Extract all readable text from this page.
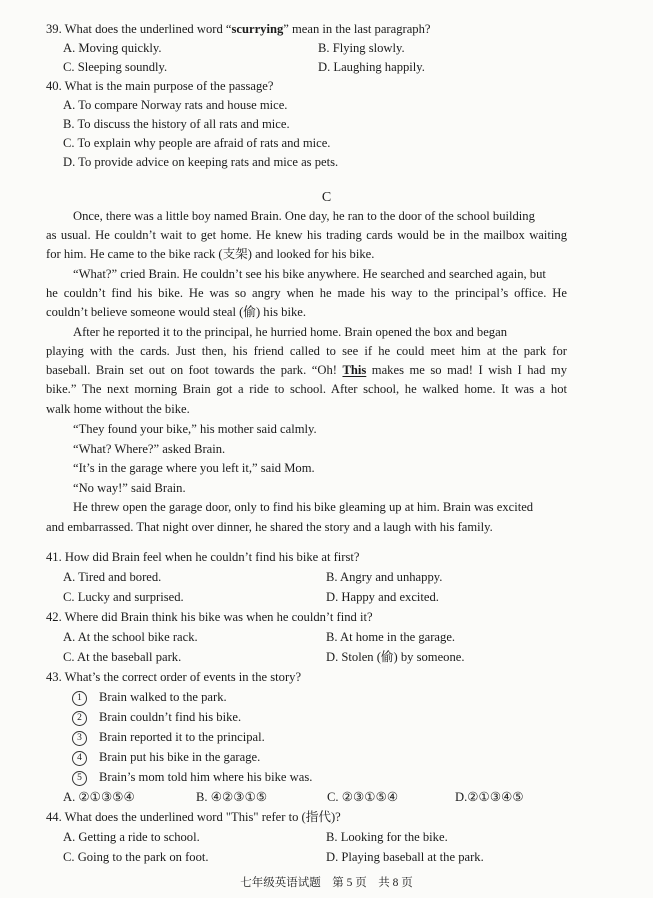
39. What does the underlined word “scurrying” mean in the last paragraph?
A. Moving quickly.	B. Flying slowly.
C. Sleeping soundly.	D. Laughing happily.
40. What is the main purpose of the passage?
A. To compare Norway rats and house mice.
B. To discuss the history of all rats and mice.
C. To explain why people are afraid of rats and mice.
D. To provide advice on keeping rats and mice as pets.
C
Once, there was a little boy named Brain. One day, he ran to the door of the school building
as usual. He couldn’t wait to get home. He knew his trading cards would be in the mailbox waiting
for him. He came to the bike rack (支架) and looked for his bike.
“What?” cried Brain. He couldn’t see his bike anywhere. He searched and searched again, but
he couldn’t find his bike. He was so angry when he made his way to the principal’s office. He
couldn’t believe someone would steal (偷) his bike.
After he reported it to the principal, he hurried home. Brain opened the box and began
playing with the cards. Just then, his friend called to see if he could meet him at the park for
baseball. Brain set out on foot towards the park. “Oh! This makes me so mad! I wish I had my
bike.” The next morning Brain got a ride to school. After school, he walked home. It was a hot
walk home without the bike.
“They found your bike,” his mother said calmly.
“What? Where?” asked Brain.
“It’s in the garage where you left it,” said Mom.
“No way!” said Brain.
He threw open the garage door, only to find his bike gleaming up at him. Brain was excited
and embarrassed. That night over dinner, he shared the story and a laugh with his family.
41. How did Brain feel when he couldn’t find his bike at first?
A. Tired and bored.	B. Angry and unhappy.
C. Lucky and surprised.	D. Happy and excited.
42. Where did Brain think his bike was when he couldn’t find it?
A. At the school bike rack.	B. At home in the garage.
C. At the baseball park.	D. Stolen (偷) by someone.
43. What’s the correct order of events in the story?
1 Brain walked to the park.
2 Brain couldn’t find his bike.
3 Brain reported it to the principal.
4 Brain put his bike in the garage.
5 Brain’s mom told him where his bike was.
A. ②①③⑤④	B. ④②③①⑤	C. ②③①⑤④	D.②①③④⑤
44. What does the underlined word "This" refer to (指代)?
A. Getting a ride to school.	B. Looking for the bike.
C. Going to the park on foot.	D. Playing baseball at the park.
七年级英语试题　第 5 页　共 8 页
